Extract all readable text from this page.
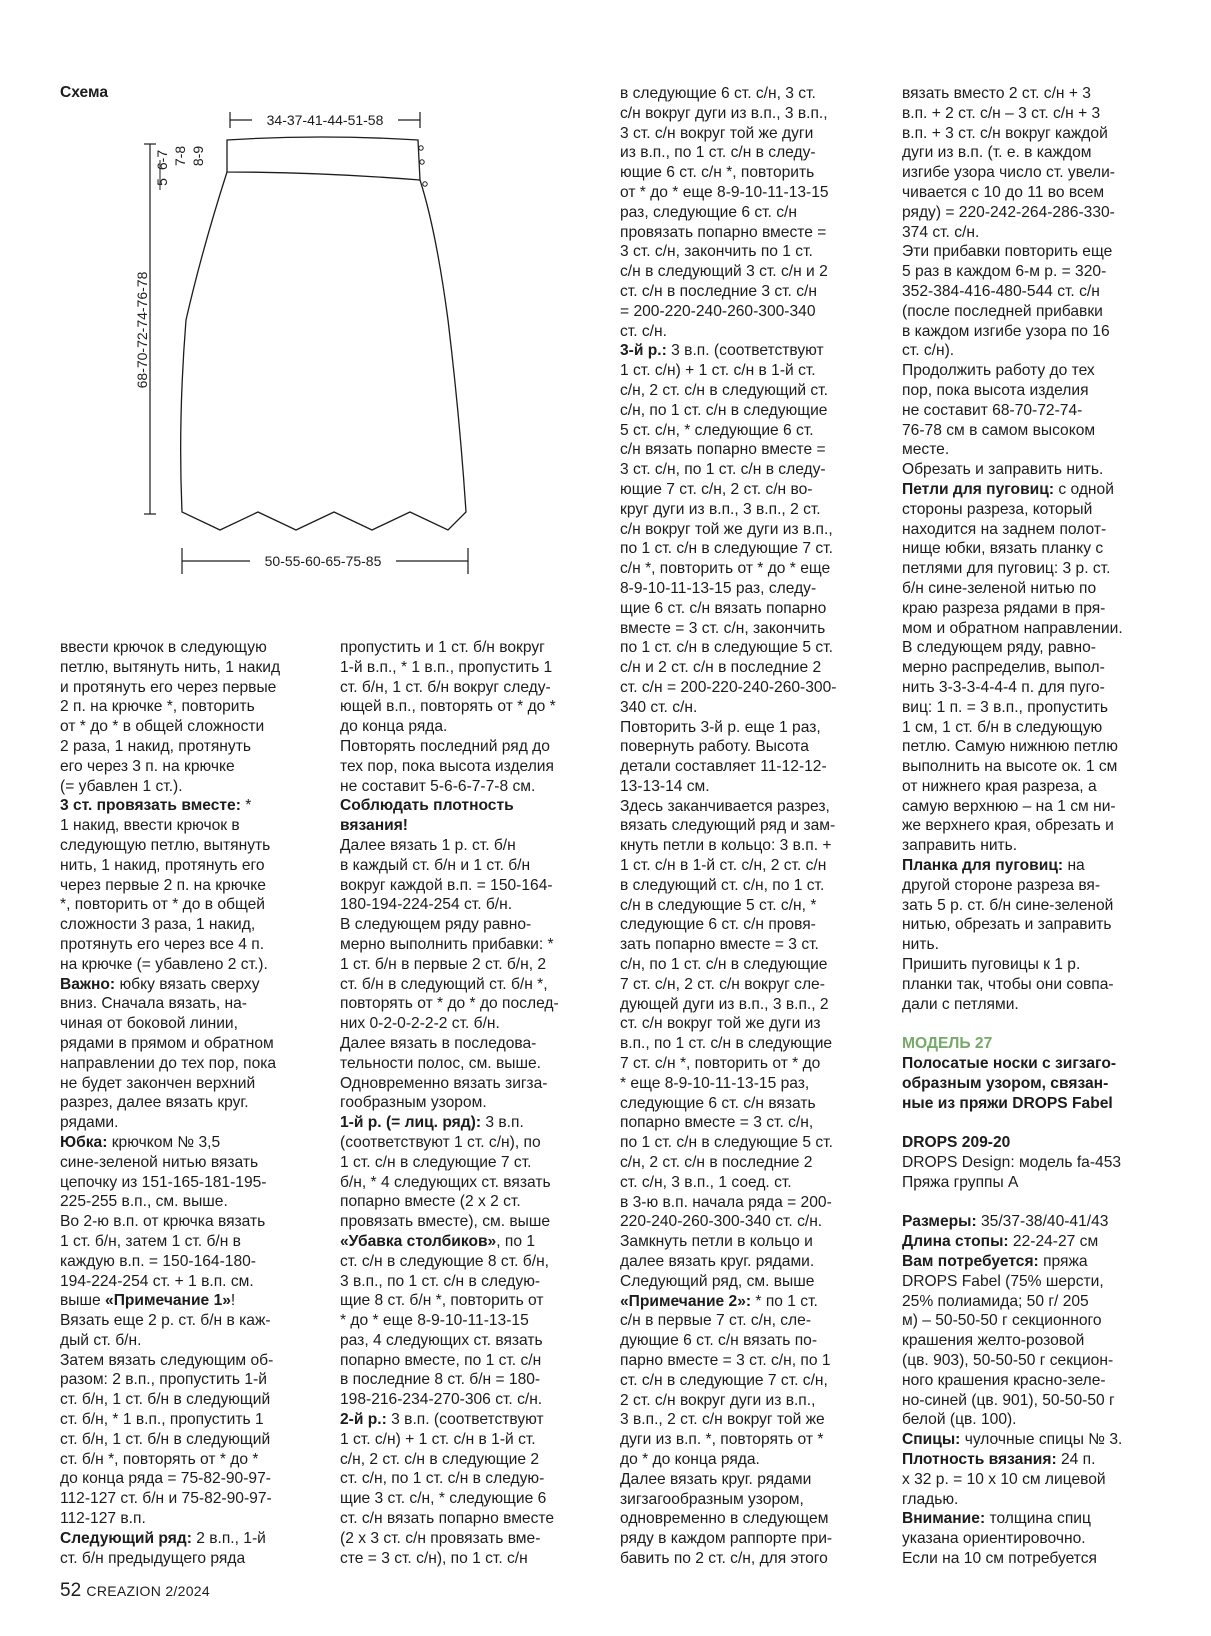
Схема
34-37-41-44-51-58
68-70-72-74-76-78
5
6-7 7-8 8-9
50-55-60-65-75-85

ввести крючок в следующую

петлю, вытянуть нить, 1 накид

и протянуть его через первые

2 п. на крючке *, повторить

от * до * в общей сложности

2 раза, 1 накид, протянуть

его через 3 п. на крючке

(= убавлен 1 ст.).

3 ст. провязать вместе: *

1 накид, ввести крючок в

следующую петлю, вытянуть

нить, 1 накид, протянуть его

через первые 2 п. на крючке

*, повторить от * до в общей

сложности 3 раза, 1 накид,

протянуть его через все 4 п.

на крючке (= убавлено 2 ст.).

Важно: юбку вязать сверху

вниз. Сначала вязать, на-

чиная от боковой линии,

рядами в прямом и обратном

направлении до тех пор, пока

не будет закончен верхний

разрез, далее вязать круг.

рядами.

Юбка: крючком № 3,5

сине-зеленой нитью вязать

цепочку из 151-165-181-195-

225-255 в.п., см. выше.

Во 2-ю в.п. от крючка вязать

1 ст. б/н, затем 1 ст. б/н в

каждую в.п. = 150-164-180-

194-224-254 ст. + 1 в.п. см.

выше «Примечание 1»!

Вязать еще 2 р. ст. б/н в каж-

дый ст. б/н.

Затем вязать следующим об-

разом: 2 в.п., пропустить 1-й

ст. б/н, 1 ст. б/н в следующий

ст. б/н, * 1 в.п., пропустить 1

ст. б/н, 1 ст. б/н в следующий

ст. б/н *, повторять от * до *

до конца ряда = 75-82-90-97-

112-127 ст. б/н и 75-82-90-97-

112-127 в.п.

Следующий ряд: 2 в.п., 1-й

ст. б/н предыдущего ряда

пропустить и 1 ст. б/н вокруг

1-й в.п., * 1 в.п., пропустить 1

ст. б/н, 1 ст. б/н вокруг следу-

ющей в.п., повторять от * до *

до конца ряда.

Повторять последний ряд до

тех пор, пока высота изделия

не составит 5-6-6-7-7-8 см.

Соблюдать плотность

вязания!

Далее вязать 1 р. ст. б/н

в каждый ст. б/н и 1 ст. б/н

вокруг каждой в.п. = 150-164-

180-194-224-254 ст. б/н.

В следующем ряду равно-

мерно выполнить прибавки: *

1 ст. б/н в первые 2 ст. б/н, 2

ст. б/н в следующий ст. б/н *,

повторять от * до * до послед-

них 0-2-0-2-2-2 ст. б/н.

Далее вязать в последова-

тельности полос, см. выше.

Одновременно вязать зигза-

гообразным узором.

1-й р. (= лиц. ряд): 3 в.п.

(соответствуют 1 ст. с/н), по

1 ст. с/н в следующие 7 ст.

б/н, * 4 следующих ст. вязать

попарно вместе (2 х 2 ст.

провязать вместе), см. выше

«Убавка столбиков», по 1

ст. с/н в следующие 8 ст. б/н,

3 в.п., по 1 ст. с/н в следую-

щие 8 ст. б/н *, повторить от

* до * еще 8-9-10-11-13-15

раз, 4 следующих ст. вязать

попарно вместе, по 1 ст. с/н

в последние 8 ст. б/н = 180-

198-216-234-270-306 ст. с/н.

2-й р.: 3 в.п. (соответствуют

1 ст. с/н) + 1 ст. с/н в 1-й ст.

с/н, 2 ст. с/н в следующие 2

ст. с/н, по 1 ст. с/н в следую-

щие 3 ст. с/н, * следующие 6

ст. с/н вязать попарно вместе

(2 х 3 ст. с/н провязать вме-

сте = 3 ст. с/н), по 1 ст. с/н

в следующие 6 ст. с/н, 3 ст.

с/н вокруг дуги из в.п., 3 в.п.,

3 ст. с/н вокруг той же дуги

из в.п., по 1 ст. с/н в следу-

ющие 6 ст. с/н *, повторить

от * до * еще 8-9-10-11-13-15

раз, следующие 6 ст. с/н

провязать попарно вместе =

3 ст. с/н, закончить по 1 ст.

с/н в следующий 3 ст. с/н и 2

ст. с/н в последние 3 ст. с/н

= 200-220-240-260-300-340

ст. с/н.

3-й р.: 3 в.п. (соответствуют

1 ст. с/н) + 1 ст. с/н в 1-й ст.

с/н, 2 ст. с/н в следующий ст.

с/н, по 1 ст. с/н в следующие

5 ст. с/н, * следующие 6 ст.

с/н вязать попарно вместе =

3 ст. с/н, по 1 ст. с/н в следу-

ющие 7 ст. с/н, 2 ст. с/н во-

круг дуги из в.п., 3 в.п., 2 ст.

с/н вокруг той же дуги из в.п.,

по 1 ст. с/н в следующие 7 ст.

с/н *, повторить от * до * еще

8-9-10-11-13-15 раз, следу-

щие 6 ст. с/н вязать попарно

вместе = 3 ст. с/н, закончить

по 1 ст. с/н в следующие 5 ст.

с/н и 2 ст. с/н в последние 2

ст. с/н = 200-220-240-260-300-

340 ст. с/н.

Повторить 3-й р. еще 1 раз,

повернуть работу. Высота

детали составляет 11-12-12-

13-13-14 см.

Здесь заканчивается разрез,

вязать следующий ряд и зам-

кнуть петли в кольцо: 3 в.п. +

1 ст. с/н в 1-й ст. с/н, 2 ст. с/н

в следующий ст. с/н, по 1 ст.

с/н в следующие 5 ст. с/н, *

следующие 6 ст. с/н провя-

зать попарно вместе = 3 ст.

с/н, по 1 ст. с/н в следующие

7 ст. с/н, 2 ст. с/н вокруг сле-

дующей дуги из в.п., 3 в.п., 2

ст. с/н вокруг той же дуги из

в.п., по 1 ст. с/н в следующие

7 ст. с/н *, повторить от * до

* еще 8-9-10-11-13-15 раз,

следующие 6 ст. с/н вязать

попарно вместе = 3 ст. с/н,

по 1 ст. с/н в следующие 5 ст.

с/н, 2 ст. с/н в последние 2

ст. с/н, 3 в.п., 1 соед. ст.

в 3-ю в.п. начала ряда = 200-

220-240-260-300-340 ст. с/н.

Замкнуть петли в кольцо и

далее вязать круг. рядами.

Следующий ряд, см. выше

«Примечание 2»: * по 1 ст.

с/н в первые 7 ст. с/н, сле-

дующие 6 ст. с/н вязать по-

парно вместе = 3 ст. с/н, по 1

ст. с/н в следующие 7 ст. с/н,

2 ст. с/н вокруг дуги из в.п.,

3 в.п., 2 ст. с/н вокруг той же

дуги из в.п. *, повторять от *

до * до конца ряда.

Далее вязать круг. рядами

зигзагообразным узором,

одновременно в следующем

ряду в каждом раппорте при-

бавить по 2 ст. с/н, для этого

вязать вместо 2 ст. с/н + 3

в.п. + 2 ст. с/н – 3 ст. с/н + 3

в.п. + 3 ст. с/н вокруг каждой

дуги из в.п. (т. е. в каждом

изгибе узора число ст. увели-

чивается с 10 до 11 во всем

ряду) = 220-242-264-286-330-

374 ст. с/н.

Эти прибавки повторить еще

5 раз в каждом 6-м р. = 320-

352-384-416-480-544 ст. с/н

(после последней прибавки

в каждом изгибе узора по 16

ст. с/н).

Продолжить работу до тех

пор, пока высота изделия

не составит 68-70-72-74-

76-78 см в самом высоком

месте.

Обрезать и заправить нить.

Петли для пуговиц: с одной

стороны разреза, который

находится на заднем полот-

нище юбки, вязать планку с

петлями для пуговиц: 3 р. ст.

б/н сине-зеленой нитью по

краю разреза рядами в пря-

мом и обратном направлении.

В следующем ряду, равно-

мерно распределив, выпол-

нить 3-3-3-4-4-4 п. для пуго-

виц: 1 п. = 3 в.п., пропустить

1 см, 1 ст. б/н в следующую

петлю. Самую нижнюю петлю

выполнить на высоте ок. 1 см

от нижнего края разреза, а

самую верхнюю – на 1 см ни-

же верхнего края, обрезать и

заправить нить.

Планка для пуговиц: на

другой стороне разреза вя-

зать 5 р. ст. б/н сине-зеленой

нитью, обрезать и заправить

нить.

Пришить пуговицы к 1 р.

планки так, чтобы они совпа-

дали с петлями.

МОДЕЛЬ 27

Полосатые носки с зигзаго-

образным узором, связан-

ные из пряжи DROPS Fabel

DROPS 209-20

DROPS Design: модель fa-453

Пряжа группы А

Размеры: 35/37-38/40-41/43

Длина стопы: 22-24-27 см

Вам потребуется: пряжа

DROPS Fabel (75% шерсти,

25% полиамида; 50 г/ 205

м) – 50-50-50 г секционного

крашения желто-розовой

(цв. 903), 50-50-50 г секцион-

ного крашения красно-зеле-

но-синей (цв. 901), 50-50-50 г

белой (цв. 100).

Спицы: чулочные спицы № 3.

Плотность вязания: 24 п.

х 32 р. = 10 х 10 см лицевой

гладью.

Внимание: толщина спиц

указана ориентировочно.

Если на 10 см потребуется

52 CREAZION 2/2024
